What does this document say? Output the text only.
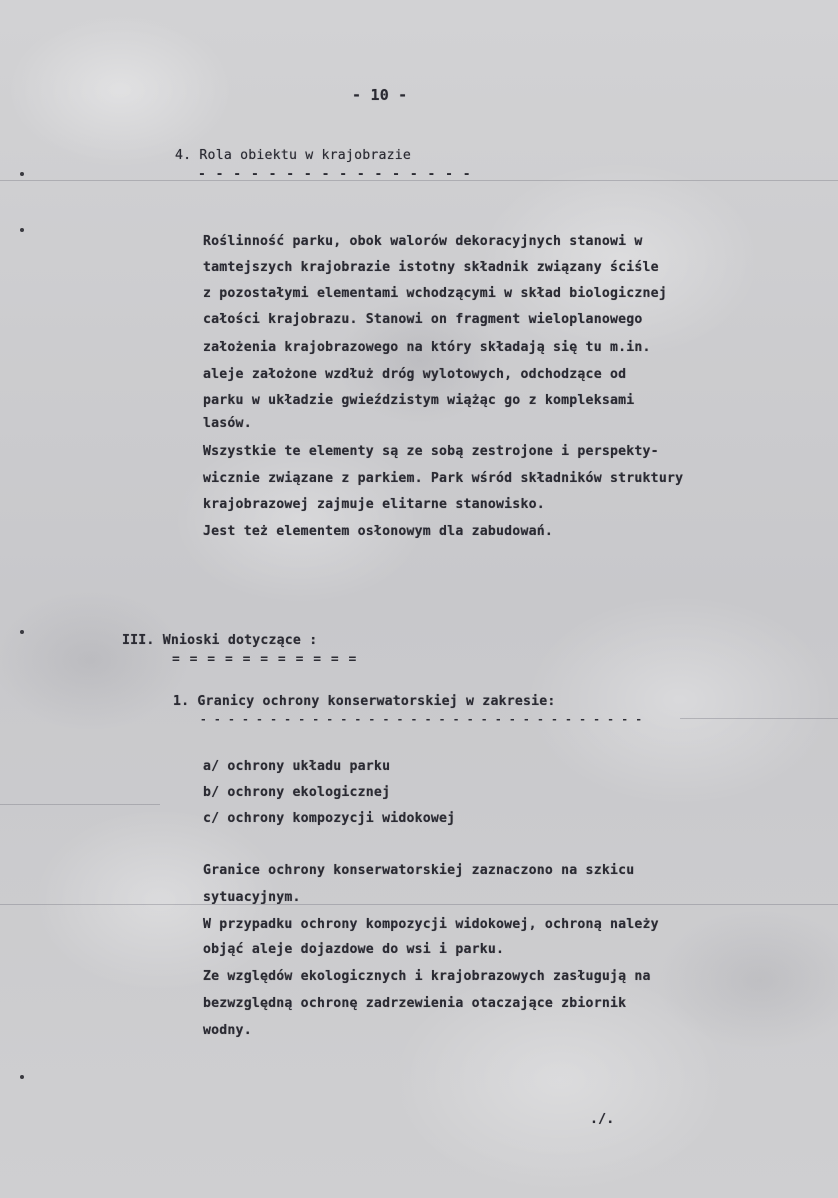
- 10 -
4. Rola obiektu w krajobrazie
- - - - - - - - - - - - - - - -
Roślinność parku, obok walorów dekoracyjnych stanowi w
tamtejszych krajobrazie istotny składnik związany ściśle
z pozostałymi elementami wchodzącymi w skład biologicznej
całości krajobrazu. Stanowi on fragment wieloplanowego
założenia krajobrazowego na który składają się tu m.in.
aleje założone wzdłuż dróg wylotowych, odchodzące od
parku w układzie gwieździstym wiążąc go z kompleksami
lasów.
Wszystkie te elementy są ze sobą zestrojone i perspekty-
wicznie związane z parkiem. Park wśród składników struktury
krajobrazowej zajmuje elitarne stanowisko.
Jest też elementem osłonowym dla zabudowań.
III. Wnioski dotyczące :
= = = = = = = = = = =
1. Granicy ochrony konserwatorskiej w zakresie:
- - - - - - - - - - - - - - - - - - - - - - - - - - - - - - - -
a/ ochrony układu parku
b/ ochrony ekologicznej
c/ ochrony kompozycji widokowej
Granice ochrony konserwatorskiej zaznaczono na szkicu
sytuacyjnym.
W przypadku ochrony kompozycji widokowej, ochroną należy
objąć aleje dojazdowe do wsi i parku.
Ze względów ekologicznych i krajobrazowych zasługują na
bezwzględną ochronę zadrzewienia otaczające zbiornik
wodny.
./.
